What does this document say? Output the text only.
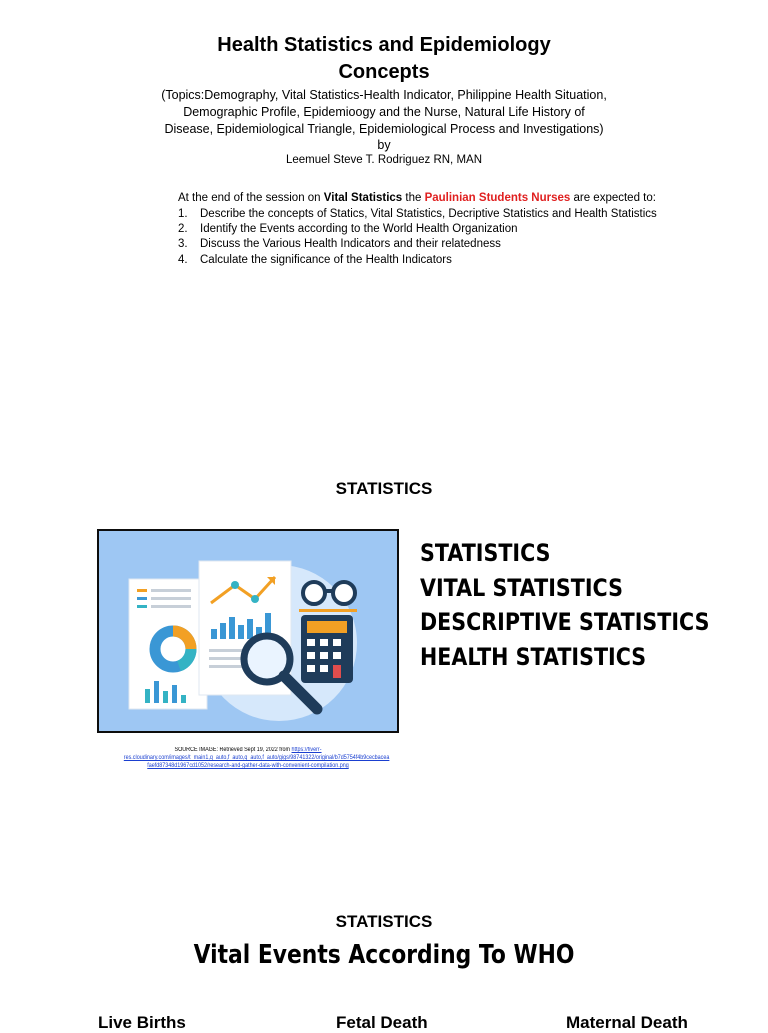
Health Statistics and Epidemiology
Concepts
(Topics:Demography, Vital Statistics-Health Indicator, Philippine Health Situation, Demographic Profile, Epidemioogy and the Nurse, Natural Life History of Disease, Epidemiological Triangle, Epidemiological Process and Investigations)
by
Leemuel Steve T. Rodriguez RN, MAN
At the end of the session on Vital Statistics the Paulinian Students Nurses are expected to:
1. Describe the concepts of Statics, Vital Statistics, Decriptive Statistics and Health Statistics
2. Identify the Events according to the World Health Organization
3. Discuss the Various Health Indicators and their relatedness
4. Calculate the significance of the Health Indicators
STATISTICS
STATISTICS
VITAL STATISTICS
DESCRIPTIVE STATISTICS
HEALTH STATISTICS
SOURCE IMAGE: Retrieved Sept 19, 2022 from https://fiverr-res.cloudinary.com/images/t_main1,q_auto,f_auto,q_auto,f_auto/gigs/98741322/original/b7d5754f4b9cecbacea faefd87348d1967cd1052/research-and-gather-data-with-convenient-compilation.png
STATISTICS
Vital Events According To WHO
Live Births	Fetal Death	Maternal Death
